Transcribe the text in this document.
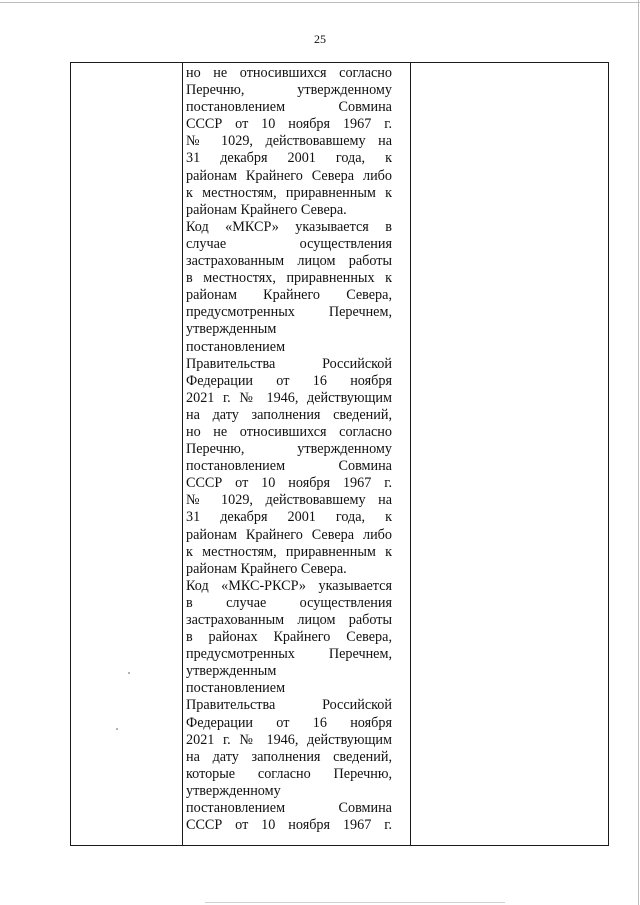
25
но не относившихся согласно
Перечню, утвержденному
постановлением Совмина
СССР от 10 ноября 1967 г.
№ 1029, действовавшему на
31 декабря 2001 года, к
районам Крайнего Севера либо
к местностям, приравненным к
районам Крайнего Севера.
Код «МКСР» указывается в
случае осуществления
застрахованным лицом работы
в местностях, приравненных к
районам Крайнего Севера,
предусмотренных Перечнем,
утвержденным
постановлением
Правительства Российской
Федерации от 16 ноября
2021 г. № 1946, действующим
на дату заполнения сведений,
но не относившихся согласно
Перечню, утвержденному
постановлением Совмина
СССР от 10 ноября 1967 г.
№ 1029, действовавшему на
31 декабря 2001 года, к
районам Крайнего Севера либо
к местностям, приравненным к
районам Крайнего Севера.
Код «МКС-РКСР» указывается
в случае осуществления
застрахованным лицом работы
в районах Крайнего Севера,
предусмотренных Перечнем,
утвержденным
постановлением
Правительства Российской
Федерации от 16 ноября
2021 г. № 1946, действующим
на дату заполнения сведений,
которые согласно Перечню,
утвержденному
постановлением Совмина
СССР от 10 ноября 1967 г.
